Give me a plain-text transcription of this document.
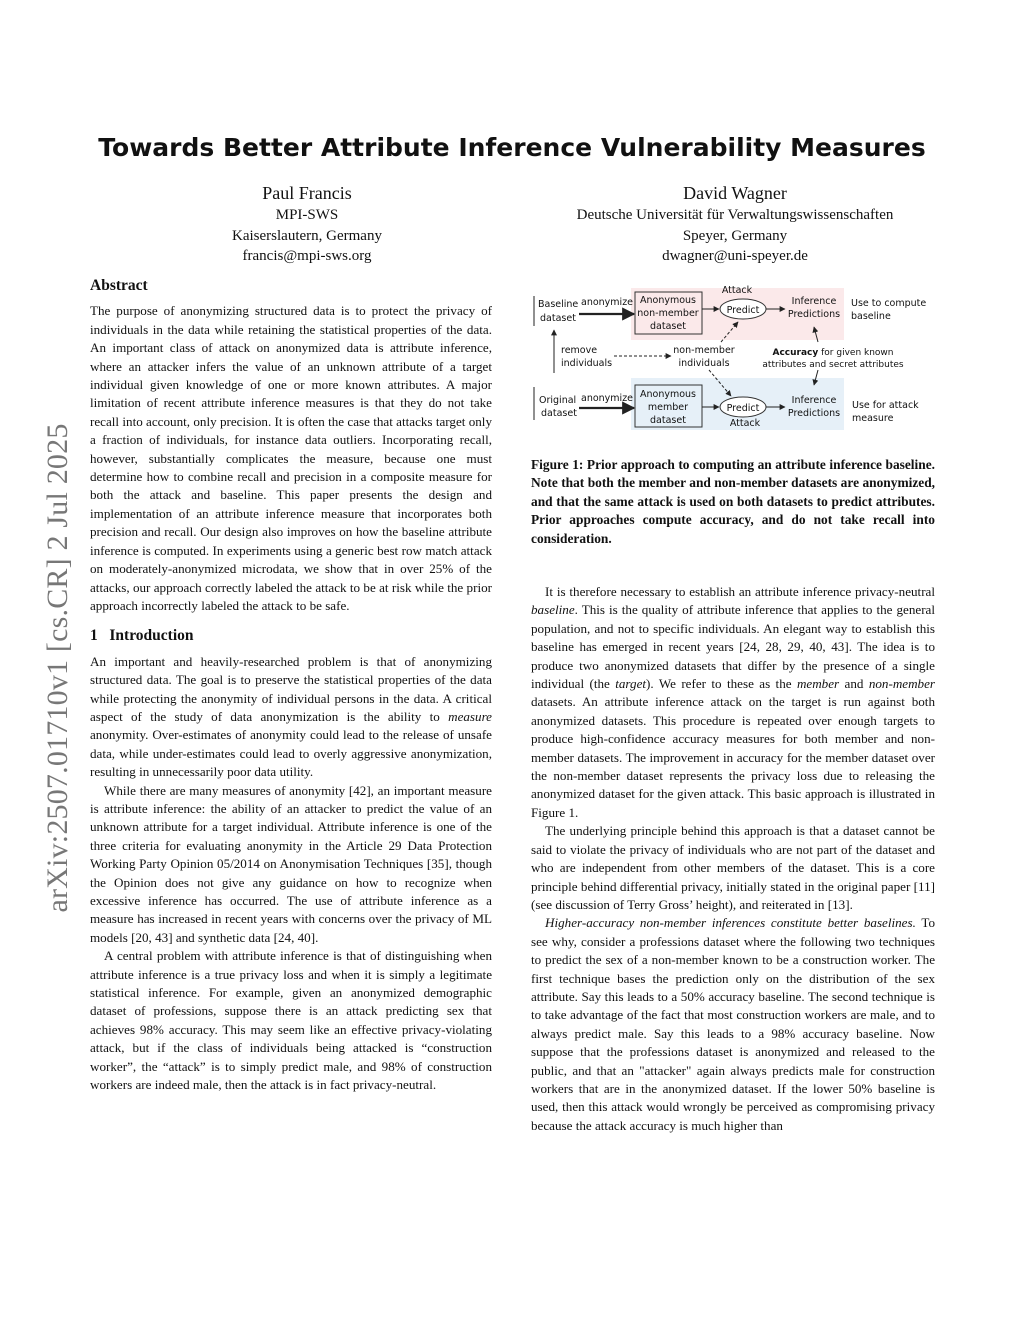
arXiv:2507.01710v1 [cs.CR] 2 Jul 2025
Towards Better Attribute Inference Vulnerability Measures
Paul Francis
MPI-SWS
Kaiserslautern, Germany
francis@mpi-sws.org
David Wagner
Deutsche Universität für Verwaltungswissenschaften
Speyer, Germany
dwagner@uni-speyer.de
Abstract

The purpose of anonymizing structured data is to protect the privacy of individuals in the data while retaining the statistical properties of the data. An important class of attack on anonymized data is attribute inference, where an attacker infers the value of an unknown attribute of a target individual given knowledge of one or more known attributes. A major limitation of recent attribute inference measures is that they do not take recall into account, only precision. It is often the case that attacks target only a fraction of individuals, for instance data outliers. Incorporating recall, however, substantially complicates the measure, because one must determine how to combine recall and precision in a composite measure for both the attack and baseline. This paper presents the design and implementation of an attribute inference measure that incorporates both precision and recall. Our design also improves on how the baseline attribute inference is computed. In experiments using a generic best row match attack on moderately-anonymized microdata, we show that in over 25% of the attacks, our approach correctly labeled the attack to be at risk while the prior approach incorrectly labeled the attack to be safe.

1 Introduction

An important and heavily-researched problem is that of anonymizing structured data. The goal is to preserve the statistical properties of the data while protecting the anonymity of individual persons in the data. A critical aspect of the study of data anonymization is the ability to measure anonymity. Over-estimates of anonymity could lead to the release of unsafe data, while under-estimates could lead to overly aggressive anonymization, resulting in unnecessarily poor data utility.

While there are many measures of anonymity [42], an important measure is attribute inference: the ability of an attacker to predict the value of an unknown attribute for a target individual. Attribute inference is one of the three criteria for evaluating anonymity in the Article 29 Data Protection Working Party Opinion 05/2014 on Anonymisation Techniques [35], though the Opinion does not give any guidance on how to recognize when excessive inference has occurred. The use of attribute inference as a measure has increased in recent years with concerns over the privacy of ML models [20, 43] and synthetic data [24, 40].

A central problem with attribute inference is that of distinguishing when attribute inference is a true privacy loss and when it is simply a legitimate statistical inference. For example, given an anonymized demographic dataset of professions, suppose there is an attack predicting sex that achieves 98% accuracy. This may seem like an effective privacy-violating attack, but if the class of individuals being attacked is “construction worker”, the “attack” is to simply predict male, and 98% of construction workers are indeed male, then the attack is in fact privacy-neutral.

Attack
Baseline
dataset
anonymize Anonymous
non-member
dataset
Predict
Inference
Predictions
Use to compute
baseline
remove
individuals
non-member
individuals
Accuracy for given known
attributes and secret attributes
Original
dataset
anonymize Anonymous
member
dataset
Predict
Inference
Predictions
Use for attack
measure
Attack
Figure 1: Prior approach to computing an attribute inference baseline. Note that both the member and non-member datasets are anonymized, and that the same attack is used on both datasets to predict attributes. Prior approaches compute accuracy, and do not take recall into consideration.

It is therefore necessary to establish an attribute inference privacy-neutral baseline. This is the quality of attribute inference that applies to the general population, and not to specific individuals. An elegant way to establish this baseline has emerged in recent years [24, 28, 29, 40, 43]. The idea is to produce two anonymized datasets that differ by the presence of a single individual (the target). We refer to these as the member and non-member datasets. An attribute inference attack on the target is run against both anonymized datasets. This procedure is repeated over enough targets to produce high-confidence accuracy measures for both member and non-member datasets. The improvement in accuracy for the member dataset over the non-member dataset represents the privacy loss due to releasing the anonymized dataset for the given attack. This basic approach is illustrated in Figure 1.

The underlying principle behind this approach is that a dataset cannot be said to violate the privacy of individuals who are not part of the dataset and who are independent from other members of the dataset. This is a core principle behind differential privacy, initially stated in the original paper [11] (see discussion of Terry Gross’ height), and reiterated in [13].

Higher-accuracy non-member inferences constitute better baselines. To see why, consider a professions dataset where the following two techniques to predict the sex of a non-member known to be a construction worker. The first technique bases the prediction only on the distribution of the sex attribute. Say this leads to a 50% accuracy baseline. The second technique is to take advantage of the fact that most construction workers are male, and to always predict male. Say this leads to a 98% accuracy baseline. Now suppose that the professions dataset is anonymized and released to the public, and that an "attacker" again always predicts male for construction workers that are in the anonymized dataset. If the lower 50% baseline is used, then this attack would wrongly be perceived as compromising privacy because the attack accuracy is much higher than
